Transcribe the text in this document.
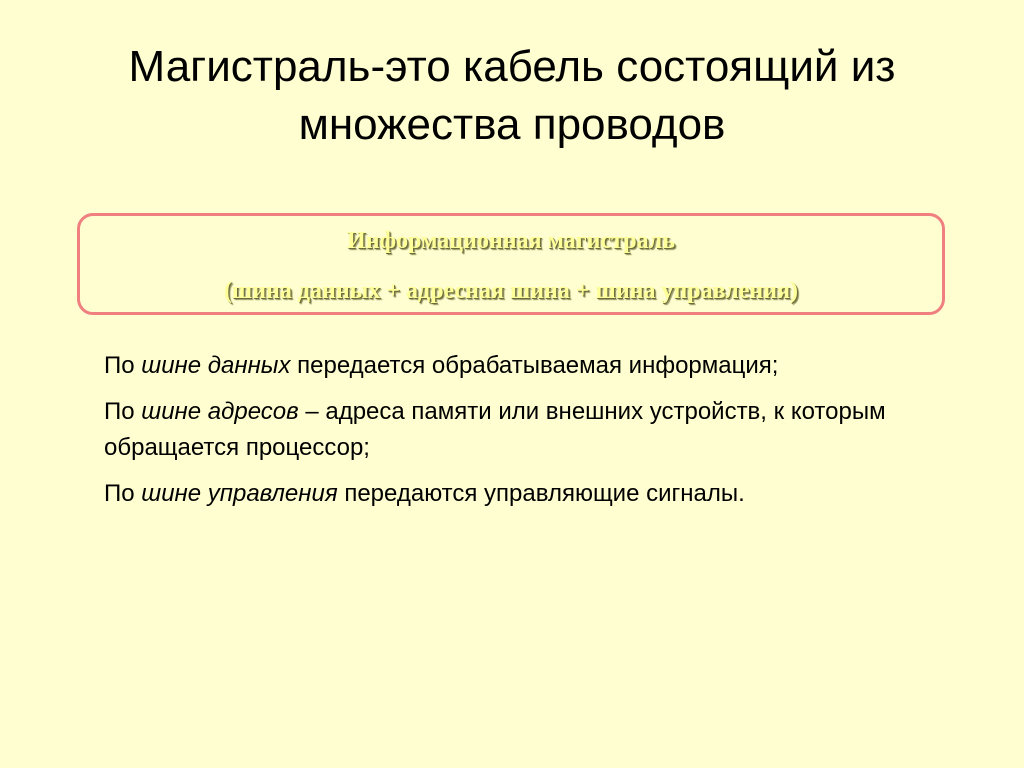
Магистраль-это кабель состоящий из
множества проводов
Информационная магистраль
(шина данных + адресная шина + шина управления)

По шине данных передается обрабатываемая информация;

По шине адресов – адреса памяти или внешних устройств, к которым обращается процессор;

По шине управления передаются управляющие сигналы.
